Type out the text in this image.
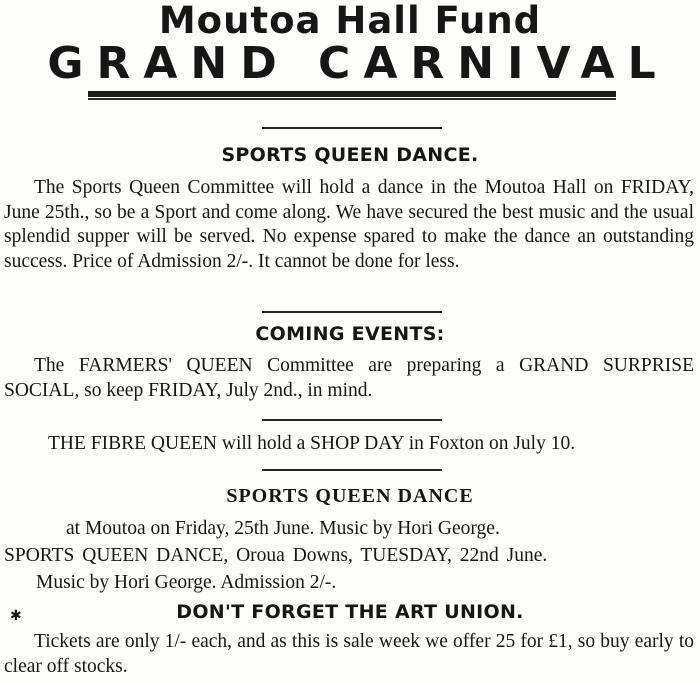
Moutoa Hall Fund
GRAND CARNIVAL
SPORTS QUEEN DANCE.

The Sports Queen Committee will hold a dance in the Moutoa Hall on FRIDAY, June 25th., so be a Sport and come along. We have secured the best music and the usual splendid supper will be served. No expense spared to make the dance an outstanding success. Price of Admission 2/-. It cannot be done for less.

COMING EVENTS:

The FARMERS' QUEEN Committee are preparing a GRAND SURPRISE SOCIAL, so keep FRIDAY, July 2nd., in mind.

THE FIBRE QUEEN will hold a SHOP DAY in Foxton on July 10.

SPORTS QUEEN DANCE

at Moutoa on Friday, 25th June. Music by Hori George.

SPORTS QUEEN DANCE, Oroua Downs, TUESDAY, 22nd June.

Music by Hori George. Admission 2/-.

✱	DON'T FORGET THE ART UNION.

Tickets are only 1/- each, and as this is sale week we offer 25 for £1, so buy early to clear off stocks.
